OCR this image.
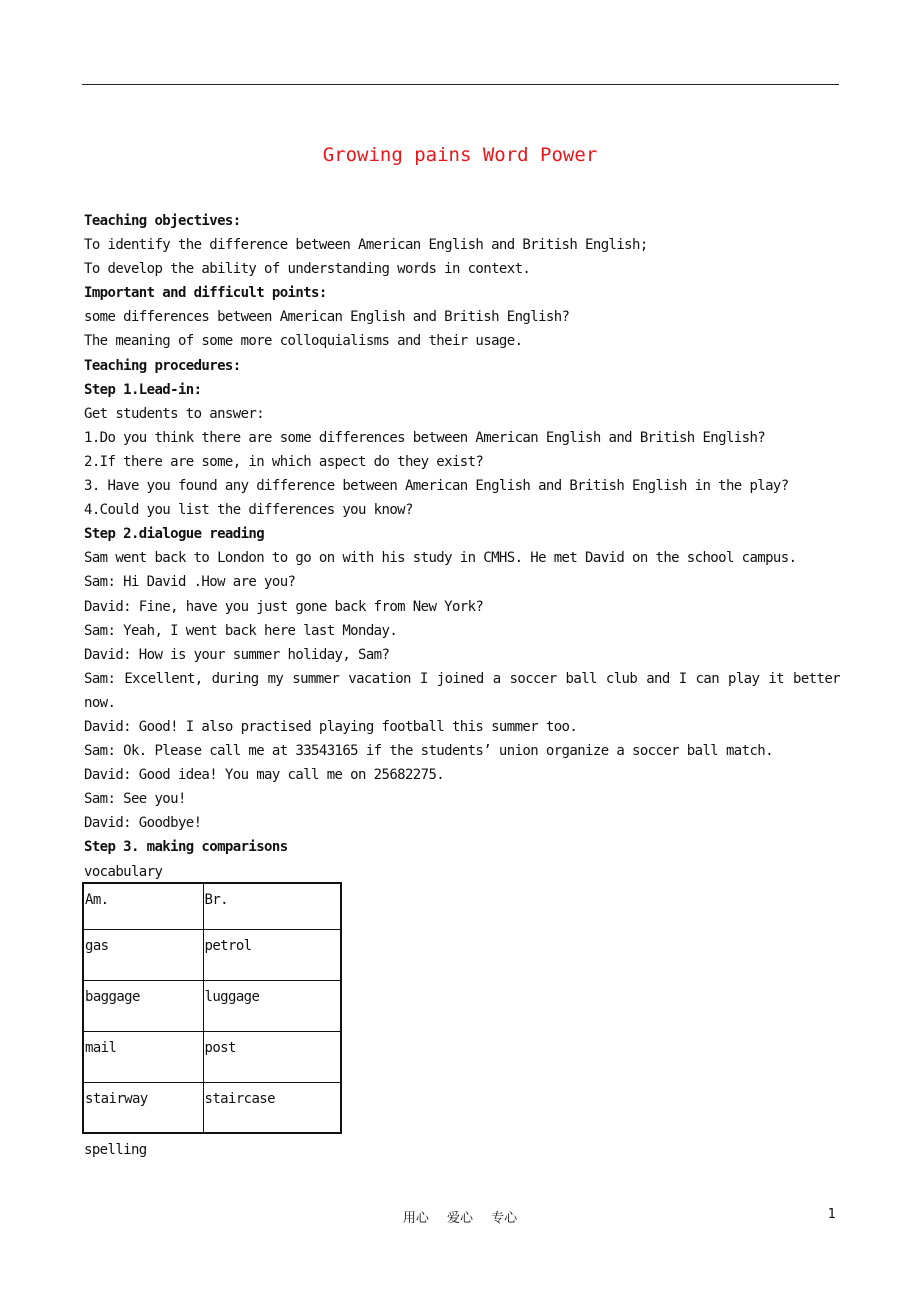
Growing pains Word Power
Teaching objectives:
To identify the difference between American English and British English;
To develop the ability of understanding words in context.
Important and difficult points:
some differences between American English and British English?
The meaning of some more colloquialisms and their usage.
Teaching procedures:
Step 1.Lead-in:
Get students to answer:
1.Do you think there are some differences between American English and British English?
2.If there are some, in which aspect do they exist?
3. Have you found any difference between American English and British English in the play?
4.Could you list the differences you know?
Step 2.dialogue reading
Sam went back to London to go on with his study in CMHS. He met David on the school campus.
Sam: Hi David .How are you?
David: Fine, have you just gone back from New York?
Sam: Yeah, I went back here last Monday.
David: How is your summer holiday, Sam?
Sam: Excellent, during my summer vacation I joined a soccer ball club and I can play it better now.
David: Good! I also practised playing football this summer too.
Sam: Ok. Please call me at 33543165 if the students’ union organize a soccer ball match.
David: Good idea! You may call me on 25682275.
Sam: See you!
David: Goodbye!
Step 3. making comparisons
vocabulary
Am.	Br.
gas	petrol
baggage	luggage
mail	post
stairway	staircase
spelling
用心 爱心 专心	1
